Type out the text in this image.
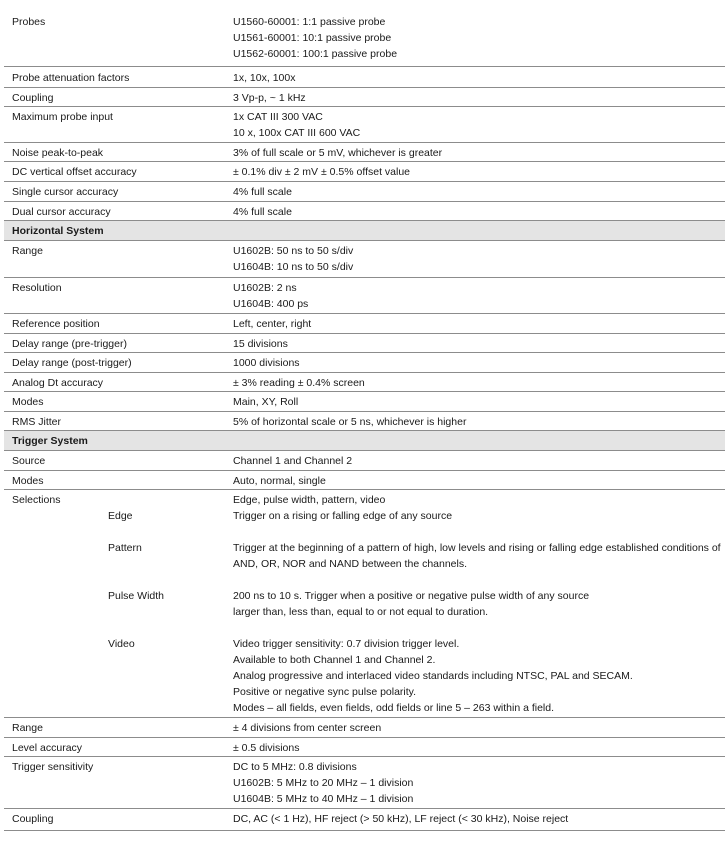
Probes	U1560-60001: 1:1 passive probe
U1561-60001: 10:1 passive probe
U1562-60001: 100:1 passive probe
Probe attenuation factors	1x, 10x, 100x
Coupling	3 Vp-p, ~ 1 kHz
Maximum probe input	1x CAT III 300 VAC
10 x, 100x CAT III 600 VAC
Noise peak-to-peak	3% of full scale or 5 mV, whichever is greater
DC vertical offset accuracy	± 0.1% div ± 2 mV ± 0.5% offset value
Single cursor accuracy	4% full scale
Dual cursor accuracy	4% full scale
Horizontal System
Range	U1602B: 50 ns to 50 s/div
U1604B: 10 ns to 50 s/div
Resolution	U1602B: 2 ns
U1604B: 400 ps
Reference position	Left, center, right
Delay range (pre-trigger)	15 divisions
Delay range (post-trigger)	1000 divisions
Analog Dt accuracy	± 3% reading ± 0.4% screen
Modes	Main, XY, Roll
RMS Jitter	5% of horizontal scale or 5 ns, whichever is higher
Trigger System
Source	Channel 1 and Channel 2
Modes	Auto, normal, single
Selections	Edge, pulse width, pattern, video
Edge	Trigger on a rising or falling edge of any source
Pattern	Trigger at the beginning of a pattern of high, low levels and rising or falling edge established conditions of
AND, OR, NOR and NAND between the channels.
Pulse Width	200 ns to 10 s. Trigger when a positive or negative pulse width of any source
larger than, less than, equal to or not equal to duration.
Video	Video trigger sensitivity: 0.7 division trigger level.
Available to both Channel 1 and Channel 2.
Analog progressive and interlaced video standards including NTSC, PAL and SECAM.
Positive or negative sync pulse polarity.
Modes – all fields, even fields, odd fields or line 5 – 263 within a field.
Range	± 4 divisions from center screen
Level accuracy	± 0.5 divisions
Trigger sensitivity	DC to 5 MHz: 0.8 divisions
U1602B: 5 MHz to 20 MHz – 1 division
U1604B: 5 MHz to 40 MHz – 1 division
Coupling	DC, AC (< 1 Hz), HF reject (> 50 kHz), LF reject (< 30 kHz), Noise reject
